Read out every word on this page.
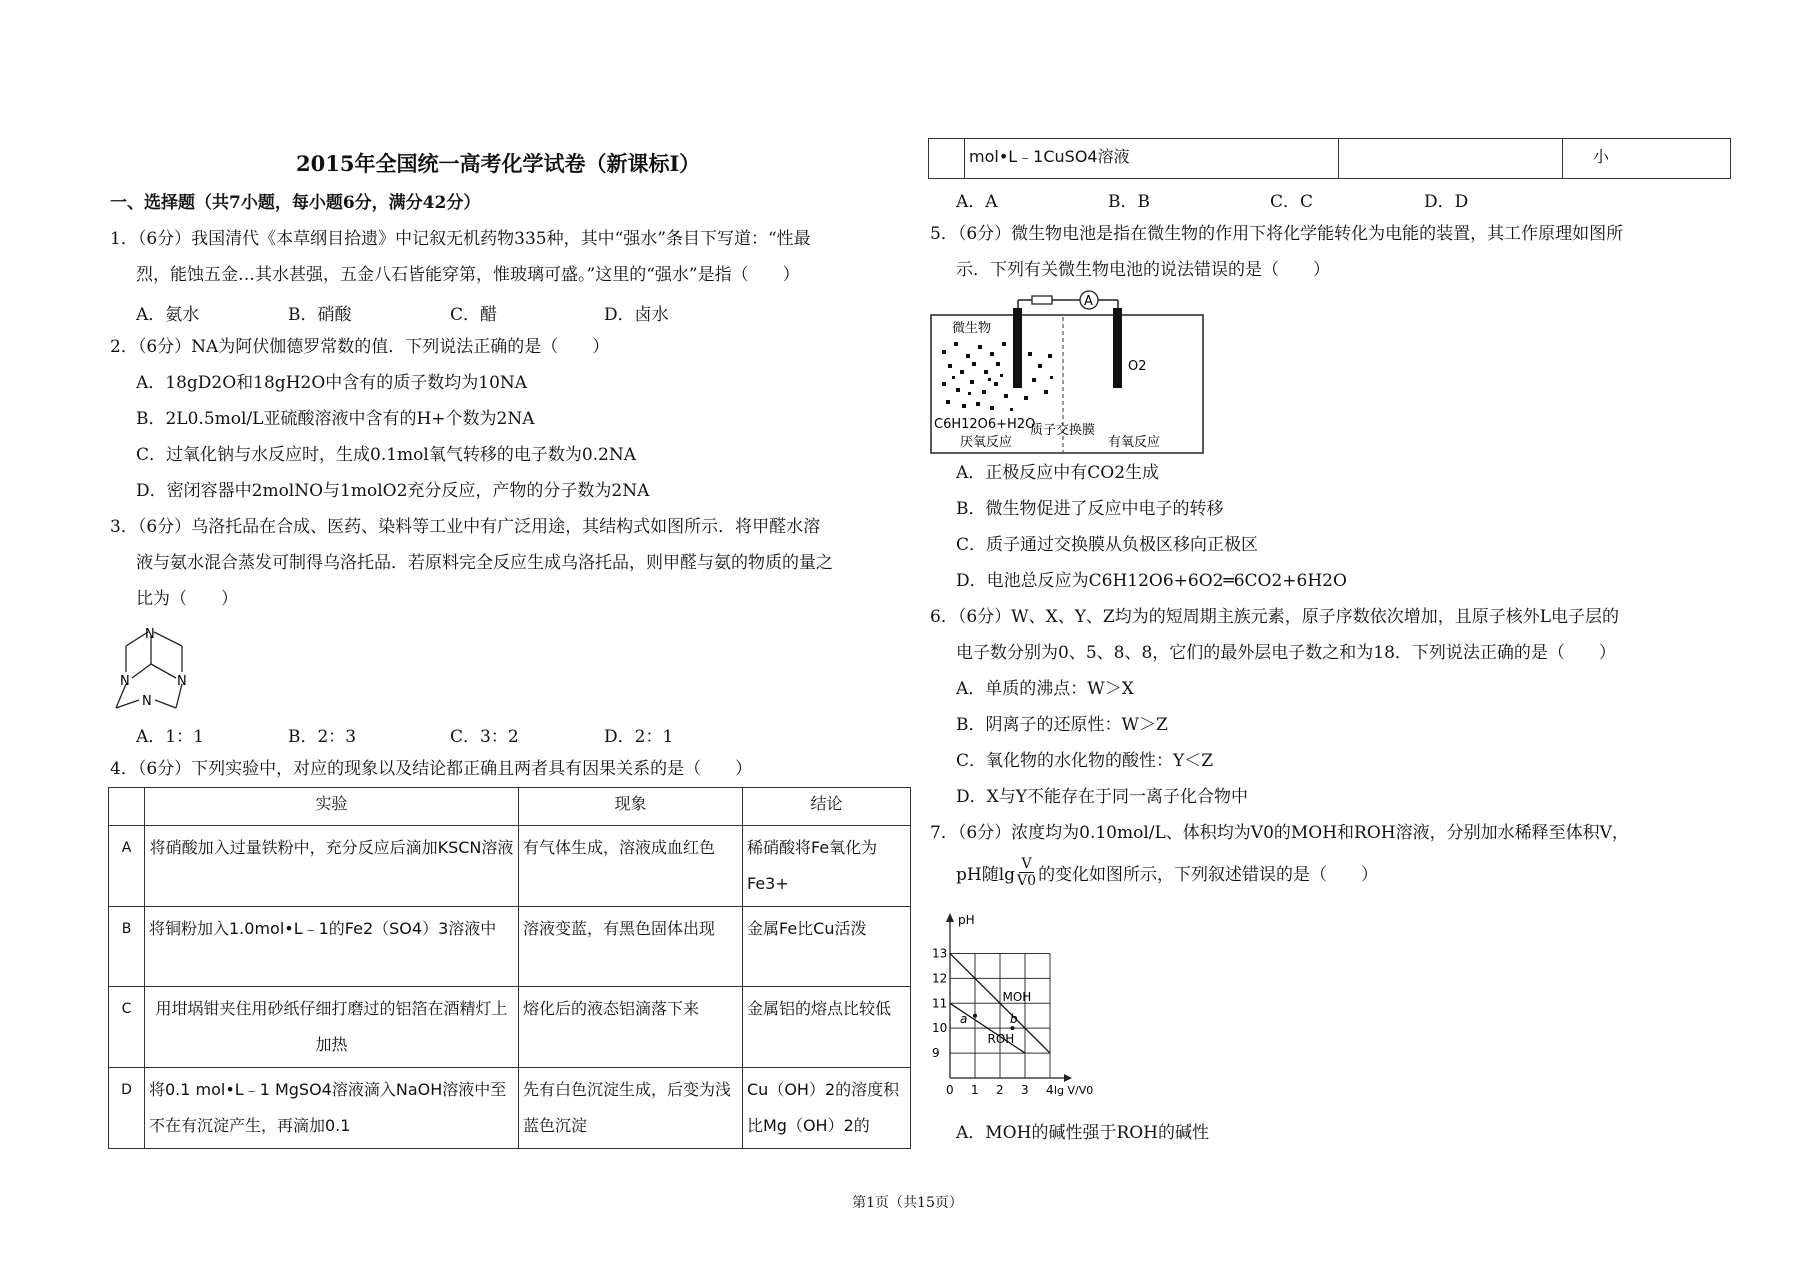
2015年全国统一高考化学试卷（新课标I）
一、选择题（共7小题，每小题6分，满分42分）
1．（6分）我国清代《本草纲目拾遗》中记叙无机药物335种，其中“强水”条目下写道：“性最
烈，能蚀五金…其水甚强，五金八石皆能穿第，惟玻璃可盛。”这里的“强水”是指（　　）
A．氨水	B．硝酸	C．醋	D．卤水
2．（6分）NA为阿伏伽德罗常数的值．下列说法正确的是（　　）
A．18gD2O和18gH2O中含有的质子数均为10NA
B．2L0.5mol/L亚硫酸溶液中含有的H+个数为2NA
C．过氧化钠与水反应时，生成0.1mol氧气转移的电子数为0.2NA
D．密闭容器中2molNO与1molO2充分反应，产物的分子数为2NA
3．（6分）乌洛托品在合成、医药、染料等工业中有广泛用途，其结构式如图所示．将甲醛水溶
液与氨水混合蒸发可制得乌洛托品．若原料完全反应生成乌洛托品，则甲醛与氨的物质的量之
比为（　　）
N
N	N
N
A．1：1	B．2：3	C．3：2	D．2：1
4．（6分）下列实验中，对应的现象以及结论都正确且两者具有因果关系的是（　　）
	实验	现象	结论
A	将硝酸加入过量铁粉中，充分反应后滴加KSCN溶液	有气体生成，溶液成血红色	稀硝酸将Fe氧化为Fe3+
B	将铜粉加入1.0mol•L﹣1的Fe2（SO4）3溶液中	溶液变蓝，有黑色固体出现	金属Fe比Cu活泼
C	用坩埚钳夹住用砂纸仔细打磨过的铝箔在酒精灯上加热	熔化后的液态铝滴落下来	金属铝的熔点比较低
D	将0.1 mol•L﹣1 MgSO4溶液滴入NaOH溶液中至不在有沉淀产生，再滴加0.1	先有白色沉淀生成，后变为浅蓝色沉淀	Cu（OH）2的溶度积比Mg（OH）2的
	mol•L﹣1CuSO4溶液		小
A．A	B．B	C．C	D．D
5．（6分）微生物电池是指在微生物的作用下将化学能转化为电能的装置，其工作原理如图所
示．下列有关微生物电池的说法错误的是（　　）
A
微生物
O2
C6H12O6+H2O
厌氧反应
质子交换膜
有氧反应
A．正极反应中有CO2生成
B．微生物促进了反应中电子的转移
C．质子通过交换膜从负极区移向正极区
D．电池总反应为C6H12O6+6O2═6CO2+6H2O
6．（6分）W、X、Y、Z均为的短周期主族元素，原子序数依次增加，且原子核外L电子层的
电子数分别为0、5、8、8，它们的最外层电子数之和为18．下列说法正确的是（　　）
A．单质的沸点：W＞X
B．阴离子的还原性：W＞Z
C．氧化物的水化物的酸性：Y＜Z
D．X与Y不能存在于同一离子化合物中
7．（6分）浓度均为0.10mol/L、体积均为V0的MOH和ROH溶液，分别加水稀释至体积V，
pH随$\lg \frac{V}{V0}$ 的变化如图所示，下列叙述错误的是（　　）
0 1 2 3 4
9
10
11
12
13
pH
lg V/V0
MOH
ROH
a	b
A．MOH的碱性强于ROH的碱性
第1页（共15页）
